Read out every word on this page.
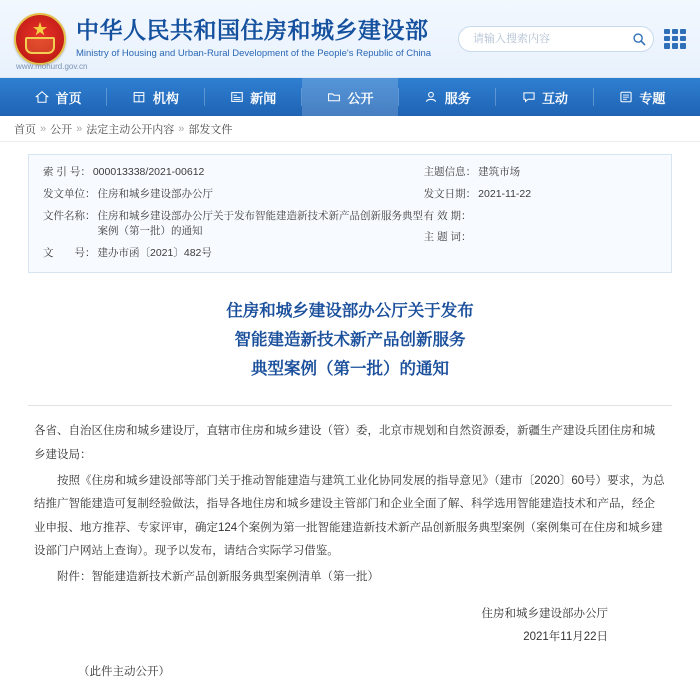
★
中华人民共和国住房和城乡建设部
Ministry of Housing and Urban-Rural Development of the People's Republic of China
www.mohurd.gov.cn
请输入搜索内容
首页	机构	新闻	公开	服务	互动	专题
首页 » 公开 » 法定主动公开内容 » 部发文件
索 引 号： 000013338/2021-00612
发文单位： 住房和城乡建设部办公厅
文件名称： 住房和城乡建设部办公厅关于发布智能建造新技术新产品创新服务典型案例（第一批）的通知
文　　号： 建办市函〔2021〕482号
主题信息： 建筑市场
发文日期： 2021-11-22
有 效 期：
主 题 词：
住房和城乡建设部办公厅关于发布
智能建造新技术新产品创新服务
典型案例（第一批）的通知

各省、自治区住房和城乡建设厅，直辖市住房和城乡建设（管）委，北京市规划和自然资源委，新疆生产建设兵团住房和城乡建设局：

按照《住房和城乡建设部等部门关于推动智能建造与建筑工业化协同发展的指导意见》（建市〔2020〕60号）要求，为总结推广智能建造可复制经验做法，指导各地住房和城乡建设主管部门和企业全面了解、科学选用智能建造技术和产品，经企业申报、地方推荐、专家评审，确定124个案例为第一批智能建造新技术新产品创新服务典型案例（案例集可在住房和城乡建设部门户网站上查询）。现予以发布，请结合实际学习借鉴。

附件：智能建造新技术新产品创新服务典型案例清单（第一批）

住房和城乡建设部办公厅
2021年11月22日
（此件主动公开）
